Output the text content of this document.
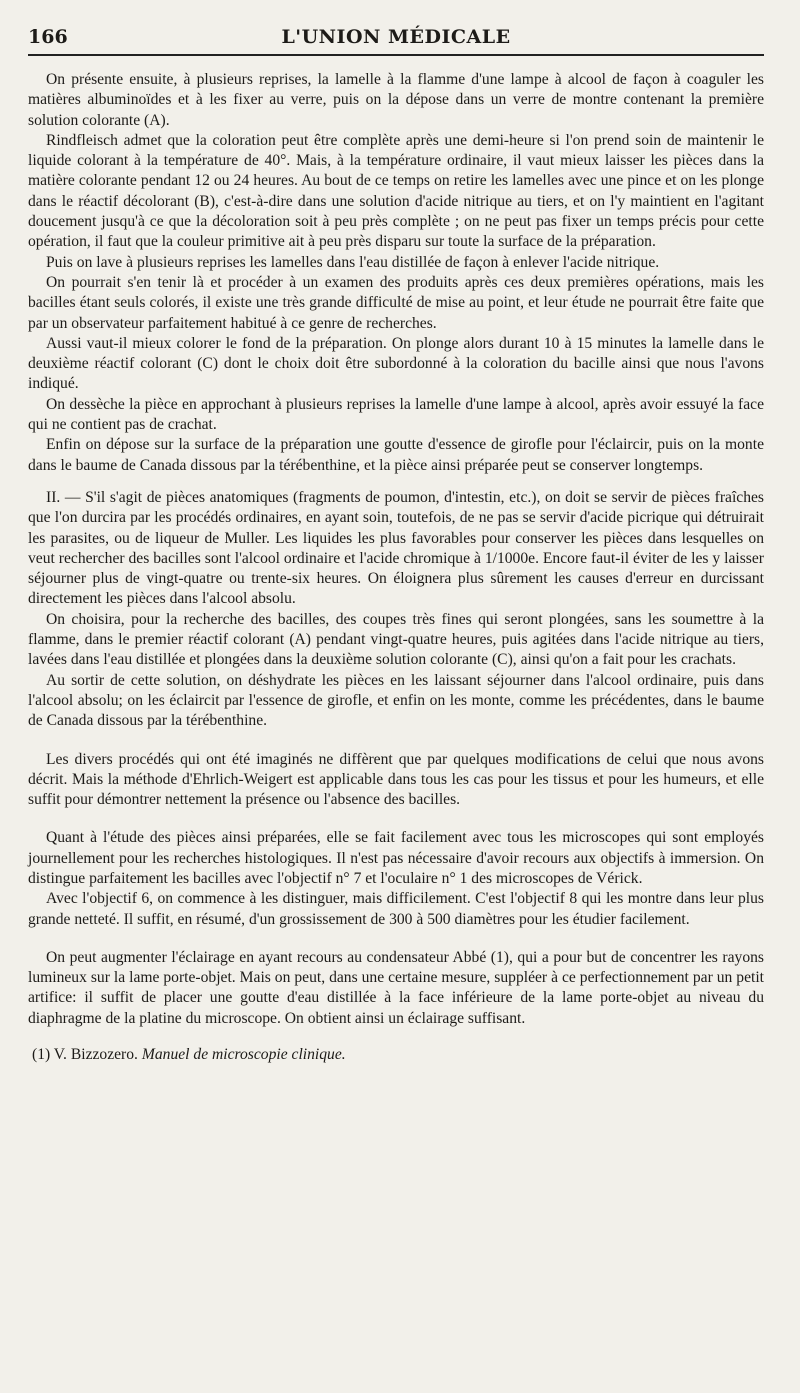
166	L'UNION MÉDICALE

On présente ensuite, à plusieurs reprises, la lamelle à la flamme d'une lampe à alcool de façon à coaguler les matières albuminoïdes et à les fixer au verre, puis on la dépose dans un verre de montre contenant la première solution colorante (A).

Rindfleisch admet que la coloration peut être complète après une demi-heure si l'on prend soin de maintenir le liquide colorant à la température de 40°. Mais, à la température ordinaire, il vaut mieux laisser les pièces dans la matière colorante pendant 12 ou 24 heures. Au bout de ce temps on retire les lamelles avec une pince et on les plonge dans le réactif décolorant (B), c'est-à-dire dans une solution d'acide nitrique au tiers, et on l'y maintient en l'agitant doucement jusqu'à ce que la décoloration soit à peu près complète ; on ne peut pas fixer un temps précis pour cette opération, il faut que la couleur primitive ait à peu près disparu sur toute la surface de la préparation.

Puis on lave à plusieurs reprises les lamelles dans l'eau distillée de façon à enlever l'acide nitrique.

On pourrait s'en tenir là et procéder à un examen des produits après ces deux premières opérations, mais les bacilles étant seuls colorés, il existe une très grande difficulté de mise au point, et leur étude ne pourrait être faite que par un observateur parfaitement habitué à ce genre de recherches.

Aussi vaut-il mieux colorer le fond de la préparation. On plonge alors durant 10 à 15 minutes la lamelle dans le deuxième réactif colorant (C) dont le choix doit être subordonné à la coloration du bacille ainsi que nous l'avons indiqué.

On dessèche la pièce en approchant à plusieurs reprises la lamelle d'une lampe à alcool, après avoir essuyé la face qui ne contient pas de crachat.

Enfin on dépose sur la surface de la préparation une goutte d'essence de girofle pour l'éclaircir, puis on la monte dans le baume de Canada dissous par la térébenthine, et la pièce ainsi préparée peut se conserver longtemps.

II. — S'il s'agit de pièces anatomiques (fragments de poumon, d'intestin, etc.), on doit se servir de pièces fraîches que l'on durcira par les procédés ordinaires, en ayant soin, toutefois, de ne pas se servir d'acide picrique qui détruirait les parasites, ou de liqueur de Muller. Les liquides les plus favorables pour conserver les pièces dans lesquelles on veut rechercher des bacilles sont l'alcool ordinaire et l'acide chromique à 1/1000e. Encore faut-il éviter de les y laisser séjourner plus de vingt-quatre ou trente-six heures. On éloignera plus sûrement les causes d'erreur en durcissant directement les pièces dans l'alcool absolu.

On choisira, pour la recherche des bacilles, des coupes très fines qui seront plongées, sans les soumettre à la flamme, dans le premier réactif colorant (A) pendant vingt-quatre heures, puis agitées dans l'acide nitrique au tiers, lavées dans l'eau distillée et plongées dans la deuxième solution colorante (C), ainsi qu'on a fait pour les crachats.

Au sortir de cette solution, on déshydrate les pièces en les laissant séjourner dans l'alcool ordinaire, puis dans l'alcool absolu; on les éclaircit par l'essence de girofle, et enfin on les monte, comme les précédentes, dans le baume de Canada dissous par la térébenthine.

Les divers procédés qui ont été imaginés ne diffèrent que par quelques modifications de celui que nous avons décrit. Mais la méthode d'Ehrlich-Weigert est applicable dans tous les cas pour les tissus et pour les humeurs, et elle suffit pour démontrer nettement la présence ou l'absence des bacilles.

Quant à l'étude des pièces ainsi préparées, elle se fait facilement avec tous les microscopes qui sont employés journellement pour les recherches histologiques. Il n'est pas nécessaire d'avoir recours aux objectifs à immersion. On distingue parfaitement les bacilles avec l'objectif n° 7 et l'oculaire n° 1 des microscopes de Vérick.

Avec l'objectif 6, on commence à les distinguer, mais difficilement. C'est l'objectif 8 qui les montre dans leur plus grande netteté. Il suffit, en résumé, d'un grossissement de 300 à 500 diamètres pour les étudier facilement.

On peut augmenter l'éclairage en ayant recours au condensateur Abbé (1), qui a pour but de concentrer les rayons lumineux sur la lame porte-objet. Mais on peut, dans une certaine mesure, suppléer à ce perfectionnement par un petit artifice: il suffit de placer une goutte d'eau distillée à la face inférieure de la lame porte-objet au niveau du diaphragme de la platine du microscope. On obtient ainsi un éclairage suffisant.

(1) V. Bizzozero. Manuel de microscopie clinique.
